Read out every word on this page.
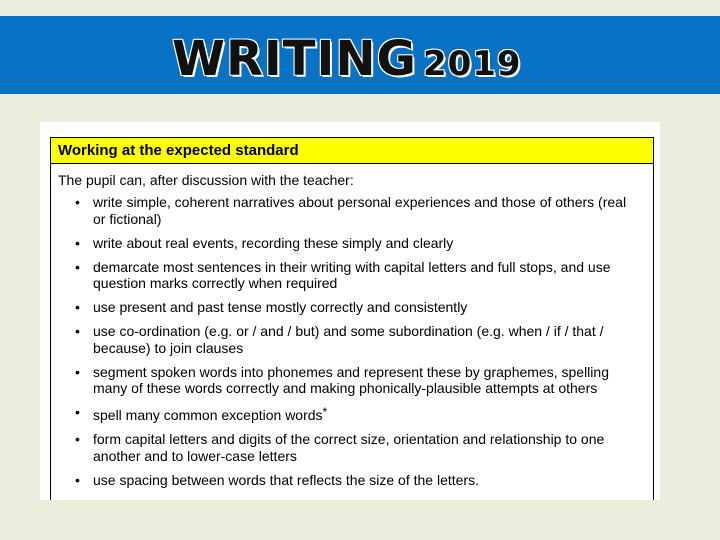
WRITING 2019
Working at the expected standard
The pupil can, after discussion with the teacher:
• write simple, coherent narratives about personal experiences and those of others (real or fictional)
• write about real events, recording these simply and clearly
• demarcate most sentences in their writing with capital letters and full stops, and use question marks correctly when required
• use present and past tense mostly correctly and consistently
• use co-ordination (e.g. or / and / but) and some subordination (e.g. when / if / that / because) to join clauses
• segment spoken words into phonemes and represent these by graphemes, spelling many of these words correctly and making phonically-plausible attempts at others
• spell many common exception words*
• form capital letters and digits of the correct size, orientation and relationship to one another and to lower-case letters
• use spacing between words that reflects the size of the letters.
